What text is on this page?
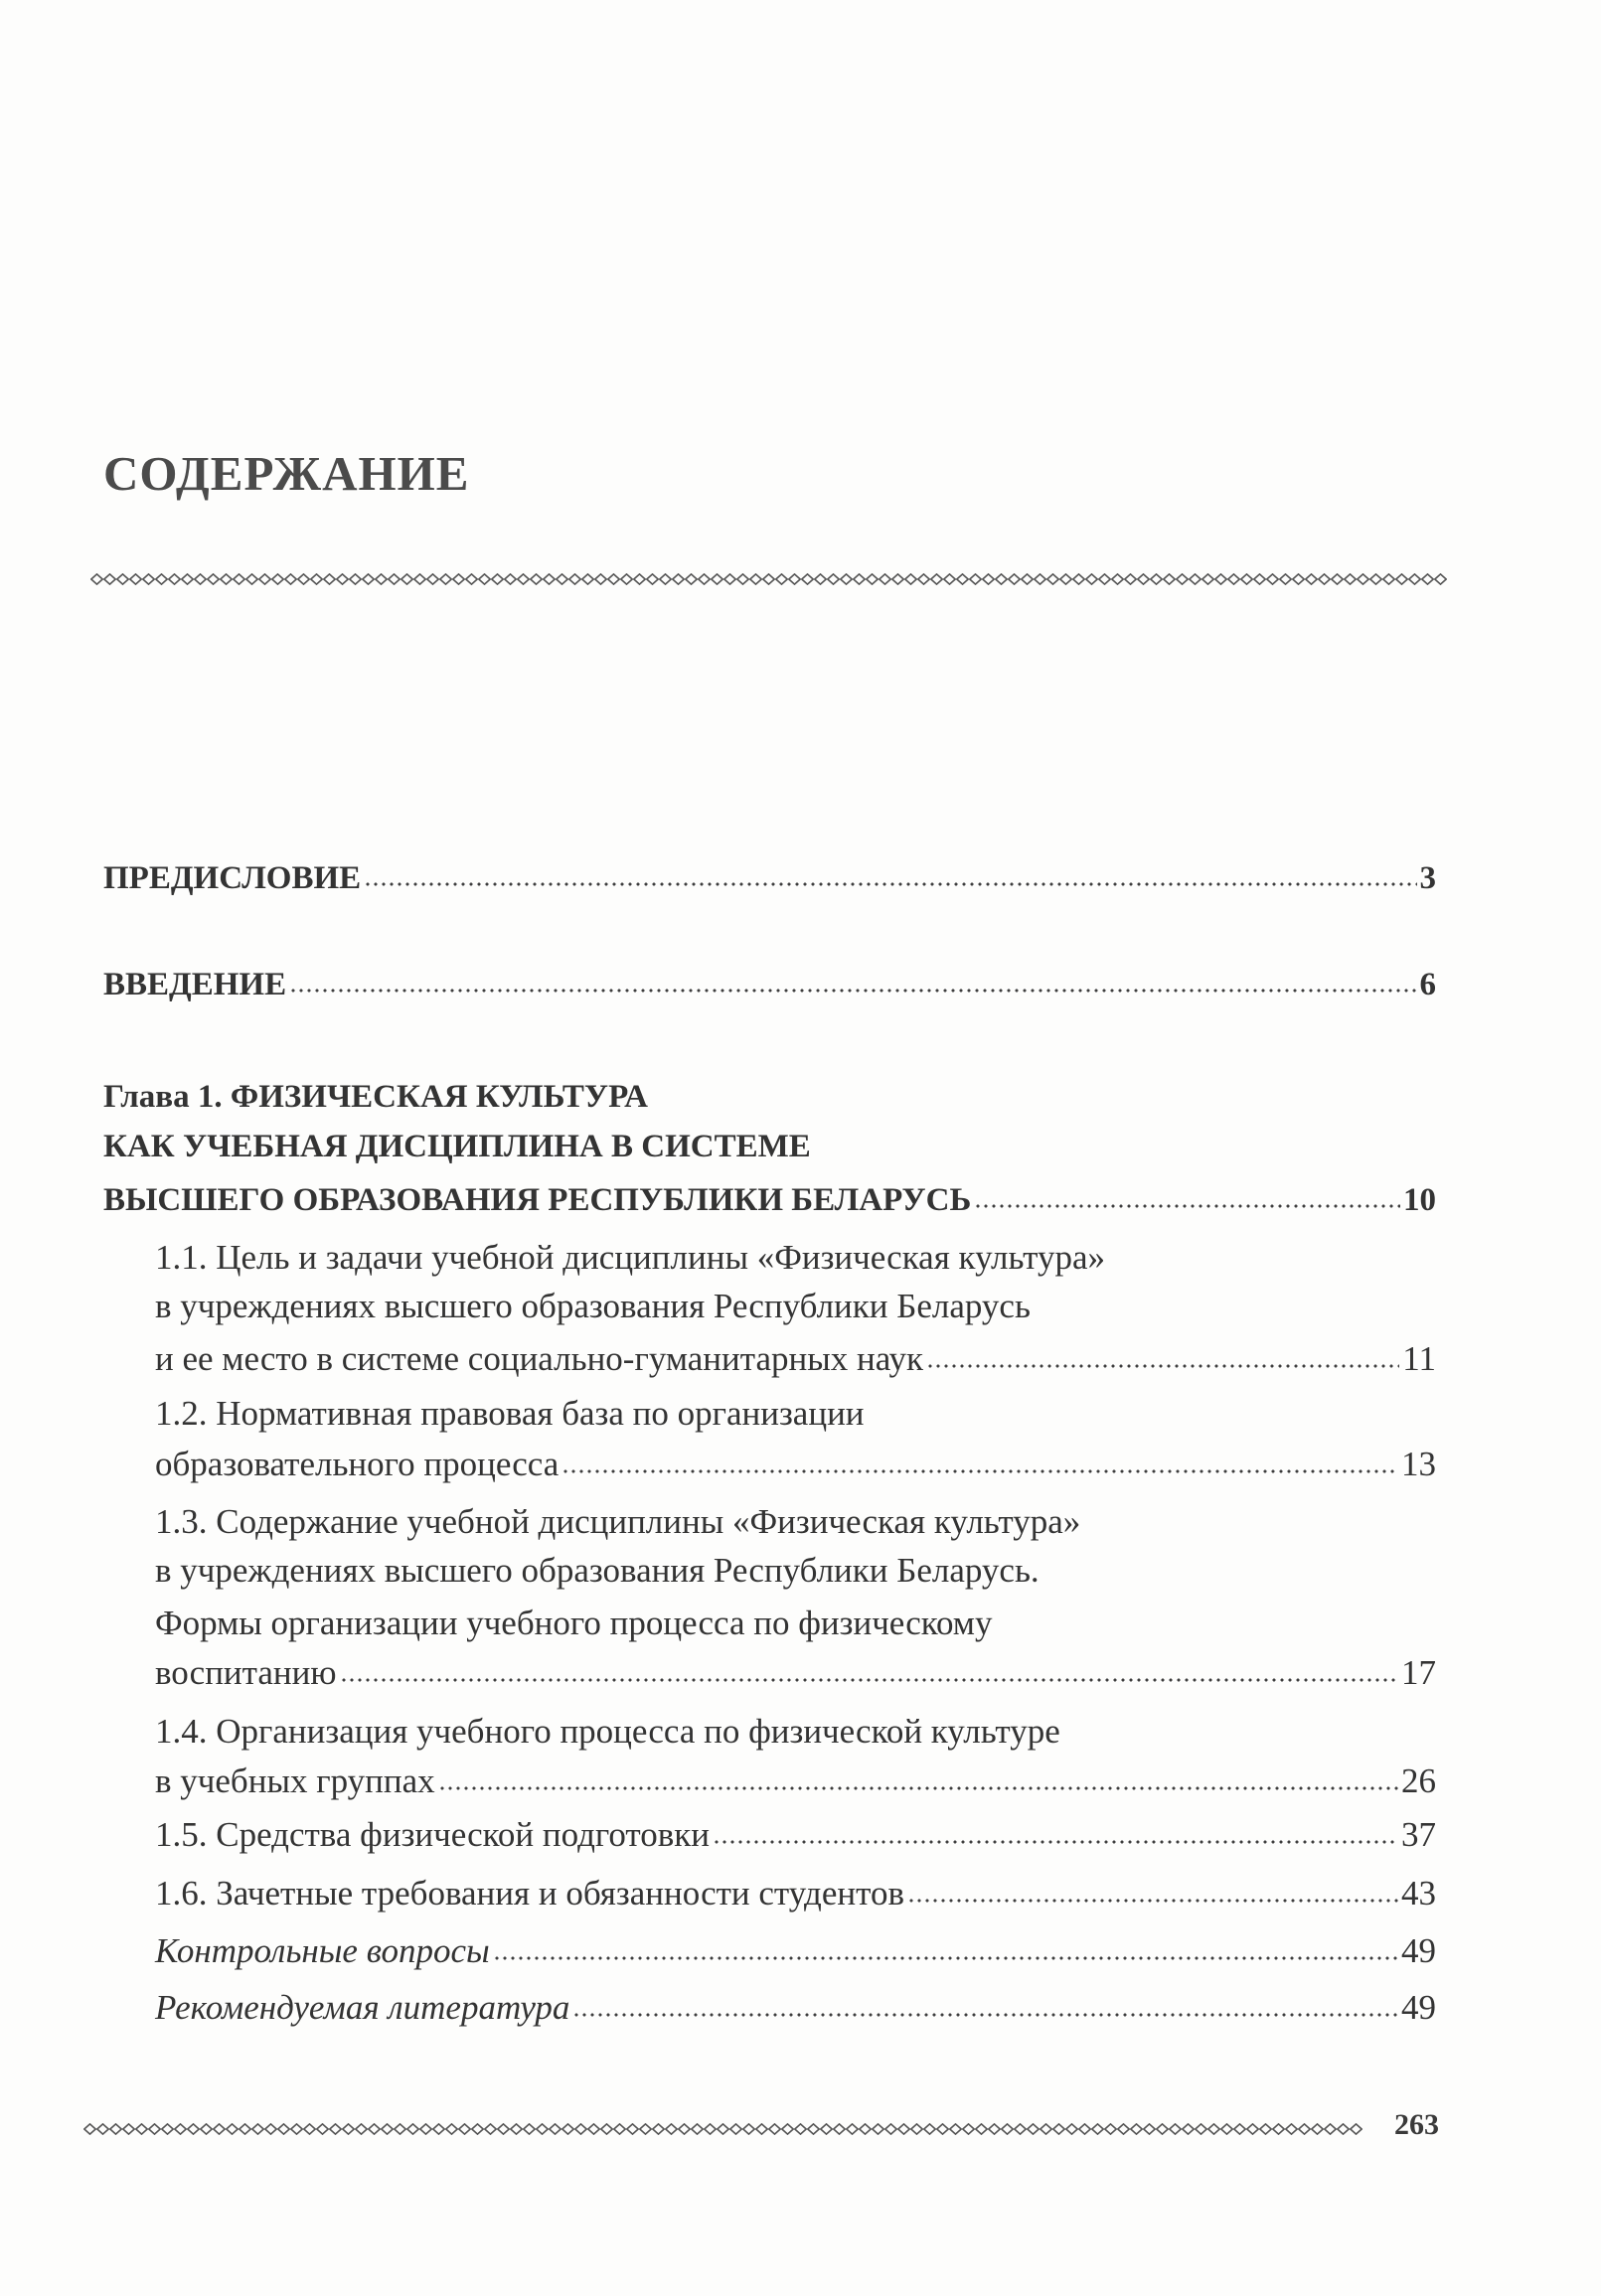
СОДЕРЖАНИЕ
ПРЕДИСЛОВИЕ	3
ВВЕДЕНИЕ	6
Глава 1. ФИЗИЧЕСКАЯ КУЛЬТУРА
КАК УЧЕБНАЯ ДИСЦИПЛИНА В СИСТЕМЕ
ВЫСШЕГО ОБРАЗОВАНИЯ РЕСПУБЛИКИ БЕЛАРУСЬ	10
1.1. Цель и задачи учебной дисциплины «Физическая культура»
в учреждениях высшего образования Республики Беларусь
и ее место в системе социально-гуманитарных наук	11
1.2. Нормативная правовая база по организации
образовательного процесса	13
1.3. Содержание учебной дисциплины «Физическая культура»
в учреждениях высшего образования Республики Беларусь.
Формы организации учебного процесса по физическому
воспитанию	17
1.4. Организация учебного процесса по физической культуре
в учебных группах	26
1.5. Средства физической подготовки	37
1.6. Зачетные требования и обязанности студентов	43
Контрольные вопросы	49
Рекомендуемая литература	49
263
